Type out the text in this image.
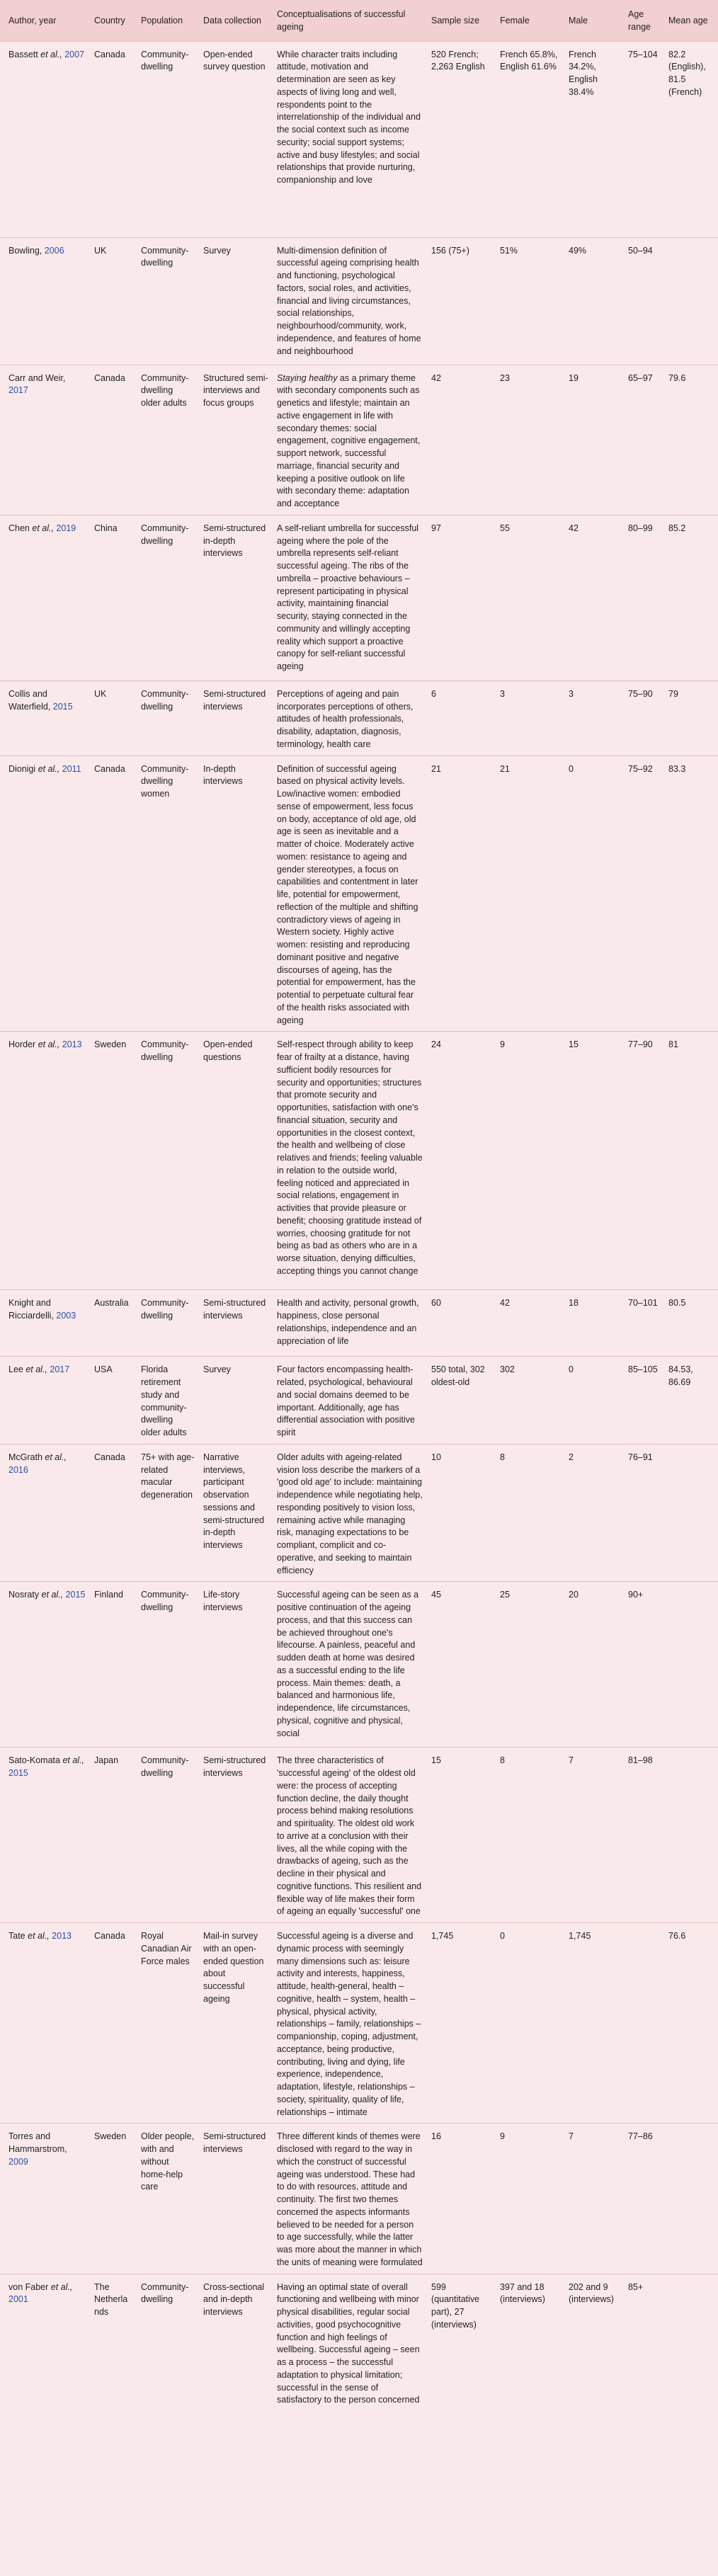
Author, year	Country	Population	Data collection	Conceptualisations of successful ageing	Sample size	Female	Male	Age range	Mean age
Bassett et al., 2007	Canada	Community-dwelling	Open-ended survey question	While character traits including attitude, motivation and determination are seen as key aspects of living long and well, respondents point to the interrelationship of the individual and the social context such as income security; social support systems; active and busy lifestyles; and social relationships that provide nurturing, companionship and love	520 French; 2,263 English	French 65.8%, English 61.6%	French 34.2%, English 38.4%	75–104	82.2 (English), 81.5 (French)
Bowling, 2006	UK	Community-dwelling	Survey	Multi-dimension definition of successful ageing comprising health and functioning, psychological factors, social roles, and activities, financial and living circumstances, social relationships, neighbourhood/community, work, independence, and features of home and neighbourhood	156 (75+)	51%	49%	50–94	
Carr and Weir, 2017	Canada	Community-dwelling older adults	Structured semi-interviews and focus groups	Staying healthy as a primary theme with secondary components such as genetics and lifestyle; maintain an active engagement in life with secondary themes: social engagement, cognitive engagement, support network, successful marriage, financial security and keeping a positive outlook on life with secondary theme: adaptation and acceptance	42	23	19	65–97	79.6
Chen et al., 2019	China	Community-dwelling	Semi-structured in-depth interviews	A self-reliant umbrella for successful ageing where the pole of the umbrella represents self-reliant successful ageing. The ribs of the umbrella – proactive behaviours – represent participating in physical activity, maintaining financial security, staying connected in the community and willingly accepting reality which support a proactive canopy for self-reliant successful ageing	97	55	42	80–99	85.2
Collis and Waterfield, 2015	UK	Community-dwelling	Semi-structured interviews	Perceptions of ageing and pain incorporates perceptions of others, attitudes of health professionals, disability, adaptation, diagnosis, terminology, health care	6	3	3	75–90	79
Dionigi et al., 2011	Canada	Community-dwelling women	In-depth interviews	Definition of successful ageing based on physical activity levels. Low/inactive women: embodied sense of empowerment, less focus on body, acceptance of old age, old age is seen as inevitable and a matter of choice. Moderately active women: resistance to ageing and gender stereotypes, a focus on capabilities and contentment in later life, potential for empowerment, reflection of the multiple and shifting contradictory views of ageing in Western society. Highly active women: resisting and reproducing dominant positive and negative discourses of ageing, has the potential for empowerment, has the potential to perpetuate cultural fear of the health risks associated with ageing	21	21	0	75–92	83.3
Horder et al., 2013	Sweden	Community-dwelling	Open-ended questions	Self-respect through ability to keep fear of frailty at a distance, having sufficient bodily resources for security and opportunities; structures that promote security and opportunities, satisfaction with one's financial situation, security and opportunities in the closest context, the health and wellbeing of close relatives and friends; feeling valuable in relation to the outside world, feeling noticed and appreciated in social relations, engagement in activities that provide pleasure or benefit; choosing gratitude instead of worries, choosing gratitude for not being as bad as others who are in a worse situation, denying difficulties, accepting things you cannot change	24	9	15	77–90	81
Knight and Ricciardelli, 2003	Australia	Community-dwelling	Semi-structured interviews	Health and activity, personal growth, happiness, close personal relationships, independence and an appreciation of life	60	42	18	70–101	80.5
Lee et al., 2017	USA	Florida retirement study and community-dwelling older adults	Survey	Four factors encompassing health-related, psychological, behavioural and social domains deemed to be important. Additionally, age has differential association with positive spirit	550 total, 302 oldest-old	302	0	85–105	84.53, 86.69
McGrath et al., 2016	Canada	75+ with age-related macular degeneration	Narrative interviews, participant observation sessions and semi-structured in-depth interviews	Older adults with ageing-related vision loss describe the markers of a 'good old age' to include: maintaining independence while negotiating help, responding positively to vision loss, remaining active while managing risk, managing expectations to be compliant, complicit and co-operative, and seeking to maintain efficiency	10	8	2	76–91	
Nosraty et al., 2015	Finland	Community-dwelling	Life-story interviews	Successful ageing can be seen as a positive continuation of the ageing process, and that this success can be achieved throughout one's lifecourse. A painless, peaceful and sudden death at home was desired as a successful ending to the life process. Main themes: death, a balanced and harmonious life, independence, life circumstances, physical, cognitive and physical, social	45	25	20	90+	
Sato-Komata et al., 2015	Japan	Community-dwelling	Semi-structured interviews	The three characteristics of 'successful ageing' of the oldest old were: the process of accepting function decline, the daily thought process behind making resolutions and spirituality. The oldest old work to arrive at a conclusion with their lives, all the while coping with the drawbacks of ageing, such as the decline in their physical and cognitive functions. This resilient and flexible way of life makes their form of ageing an equally 'successful' one	15	8	7	81–98	
Tate et al., 2013	Canada	Royal Canadian Air Force males	Mail-in survey with an open-ended question about successful ageing	Successful ageing is a diverse and dynamic process with seemingly many dimensions such as: leisure activity and interests, happiness, attitude, health-general, health – cognitive, health – system, health – physical, physical activity, relationships – family, relationships – companionship, coping, adjustment, acceptance, being productive, contributing, living and dying, life experience, independence, adaptation, lifestyle, relationships – society, spirituality, quality of life, relationships – intimate	1,745	0	1,745		76.6
Torres and Hammarstrom, 2009	Sweden	Older people, with and without home-help care	Semi-structured interviews	Three different kinds of themes were disclosed with regard to the way in which the construct of successful ageing was understood. These had to do with resources, attitude and continuity. The first two themes concerned the aspects informants believed to be needed for a person to age successfully, while the latter was more about the manner in which the units of meaning were formulated	16	9	7	77–86	
von Faber et al., 2001	The Netherlands	Community-dwelling	Cross-sectional and in-depth interviews	Having an optimal state of overall functioning and wellbeing with minor physical disabilities, regular social activities, good psychocognitive function and high feelings of wellbeing. Successful ageing – seen as a process – the successful adaptation to physical limitation; successful in the sense of satisfactory to the person concerned	599 (quantitative part), 27 (interviews)	397 and 18 (interviews)	202 and 9 (interviews)	85+	
